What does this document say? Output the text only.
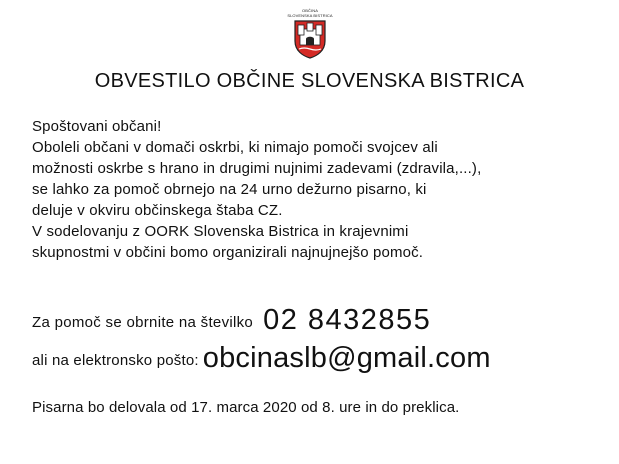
OBČINA
SLOVENSKA BISTRICA
OBVESTILO OBČINE SLOVENSKA BISTRICA
Spoštovani občani!
Oboleli občani v domači oskrbi, ki nimajo pomoči svojcev ali
možnosti oskrbe s hrano in drugimi nujnimi zadevami (zdravila,...),
se lahko za pomoč obrnejo na 24 urno dežurno pisarno, ki
deluje v okviru občinskega štaba CZ.
V sodelovanju z OORK Slovenska Bistrica in krajevnimi
skupnostmi v občini bomo organizirali najnujnejšo pomoč.
Za pomoč se obrnite na številko 02 8432855
ali na elektronsko pošto: obcinaslb@gmail.com
Pisarna bo delovala od 17. marca 2020 od 8. ure in do preklica.
